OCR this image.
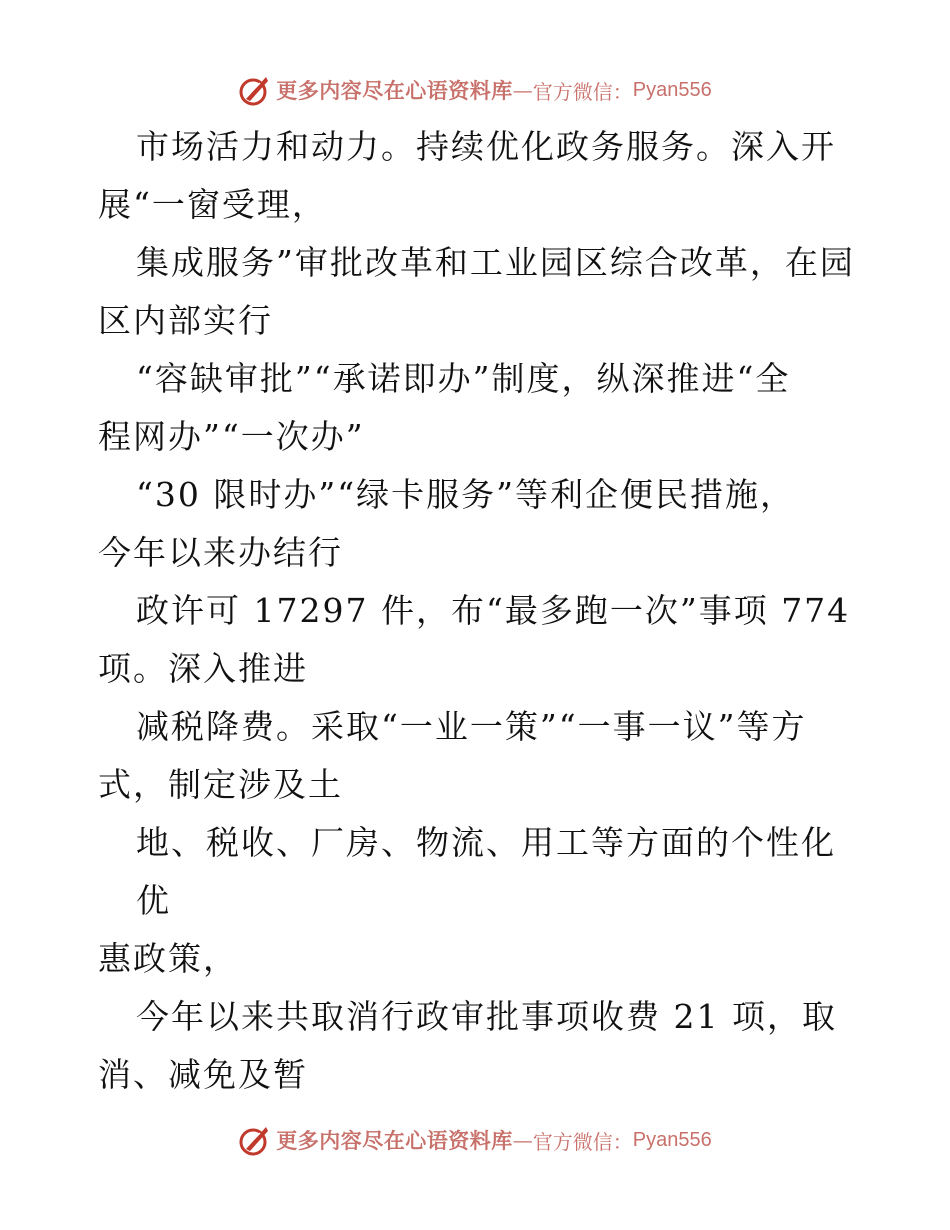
更多内容尽在心语资料库 — 官方微信： Pyan556

市场活力和动力。持续优化政务服务。深入开
展“一窗受理，

集成服务”审批改革和工业园区综合改革，在园
区内部实行

“容缺审批”“承诺即办”制度，纵深推进“全
程网办”“一次办”

“30 限时办”“绿卡服务”等利企便民措施，
今年以来办结行

政许可 17297 件，布“最多跑一次”事项 774
项。深入推进

减税降费。采取“一业一策”“一事一议”等方
式，制定涉及土

地、税收、厂房、物流、用工等方面的个性化优
惠政策，

今年以来共取消行政审批事项收费 21 项，取
消、减免及暂

更多内容尽在心语资料库 — 官方微信： Pyan556
